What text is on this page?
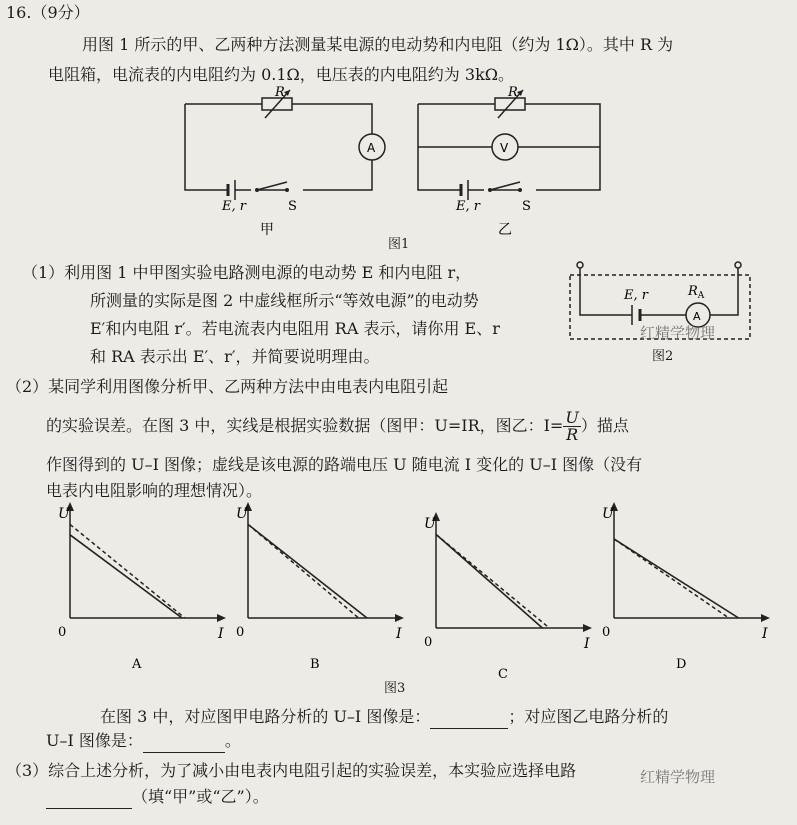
16.（9分）
用图 1 所示的甲、乙两种方法测量某电源的电动势和内电阻（约为 1Ω）。其中 R 为
电阻箱，电流表的内电阻约为 0.1Ω，电压表的内电阻约为 3kΩ。
R
A
E, r	S
甲
R
V
E, r	S
乙
图1
（1）利用图 1 中甲图实验电路测电源的电动势 E 和内电阻 r，
所测量的实际是图 2 中虚线框所示“等效电源”的电动势
E′和内电阻 r′。若电流表内电阻用 RA 表示，请你用 E、r
和 RA 表示出 E′、r′，并简要说明理由。
E, r
A
$R_A$
图2
（2）某同学利用图像分析甲、乙两种方法中由电表内电阻引起
的实验误差。在图 3 中，实线是根据实验数据（图甲：U=IR，图乙：$I= \frac{U}{R}$ ）描点
作图得到的 U–I 图像；虚线是该电源的路端电压 U 随电流 I 变化的 U–I 图像（没有
电表内电阻影响的理想情况）。
U
I
0
A
U
I
0
B
U
I
0
C
U
I
0
D
图3
在图 3 中，对应图甲电路分析的 U–I 图像是：	；对应图乙电路分析的
U–I 图像是：	。
（3）综合上述分析，为了减小由电表内电阻引起的实验误差，本实验应选择电路
（填“甲”或“乙”）。
红精学物理
红精学物理
